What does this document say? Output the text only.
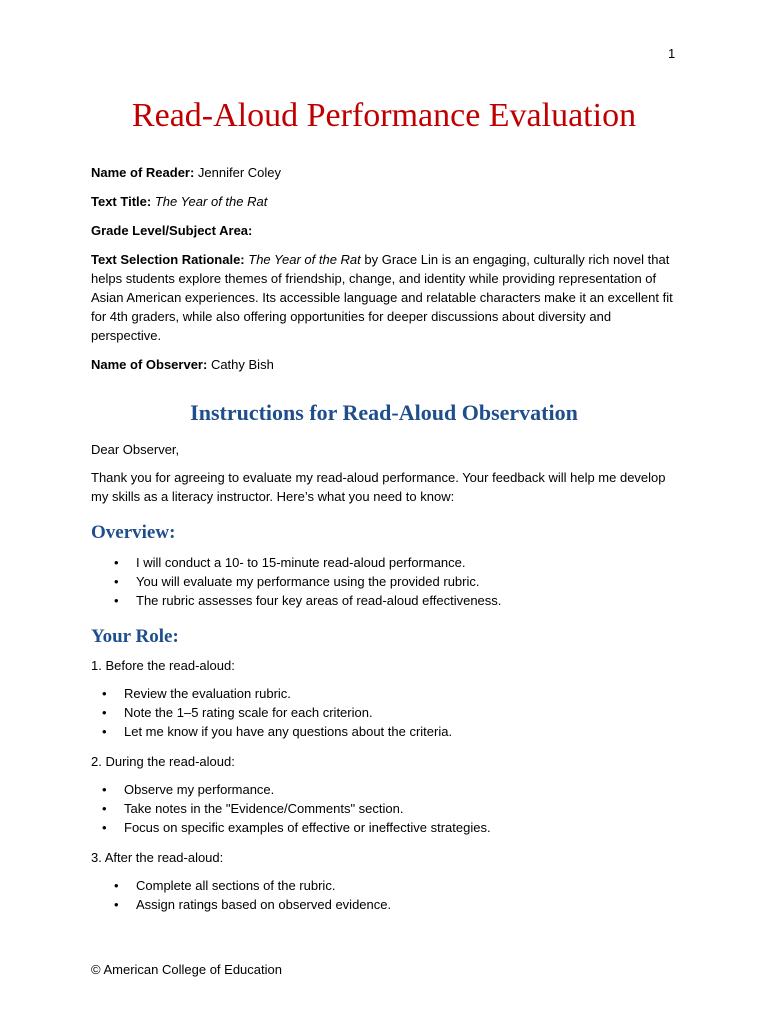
1
Read-Aloud Performance Evaluation

Name of Reader: Jennifer Coley

Text Title: The Year of the Rat

Grade Level/Subject Area:

Text Selection Rationale: The Year of the Rat by Grace Lin is an engaging, culturally rich novel that helps students explore themes of friendship, change, and identity while providing representation of Asian American experiences. Its accessible language and relatable characters make it an excellent fit for 4th graders, while also offering opportunities for deeper discussions about diversity and perspective.

Name of Observer: Cathy Bish

Instructions for Read-Aloud Observation

Dear Observer,

Thank you for agreeing to evaluate my read-aloud performance. Your feedback will help me develop my skills as a literacy instructor. Here’s what you need to know:

Overview:
• I will conduct a 10- to 15-minute read-aloud performance.
• You will evaluate my performance using the provided rubric.
• The rubric assesses four key areas of read-aloud effectiveness.
Your Role:

1. Before the read-aloud:

• Review the evaluation rubric.
• Note the 1–5 rating scale for each criterion.
• Let me know if you have any questions about the criteria.

2. During the read-aloud:

• Observe my performance.
• Take notes in the "Evidence/Comments" section.
• Focus on specific examples of effective or ineffective strategies.

3. After the read-aloud:

• Complete all sections of the rubric.
• Assign ratings based on observed evidence.
© American College of Education
